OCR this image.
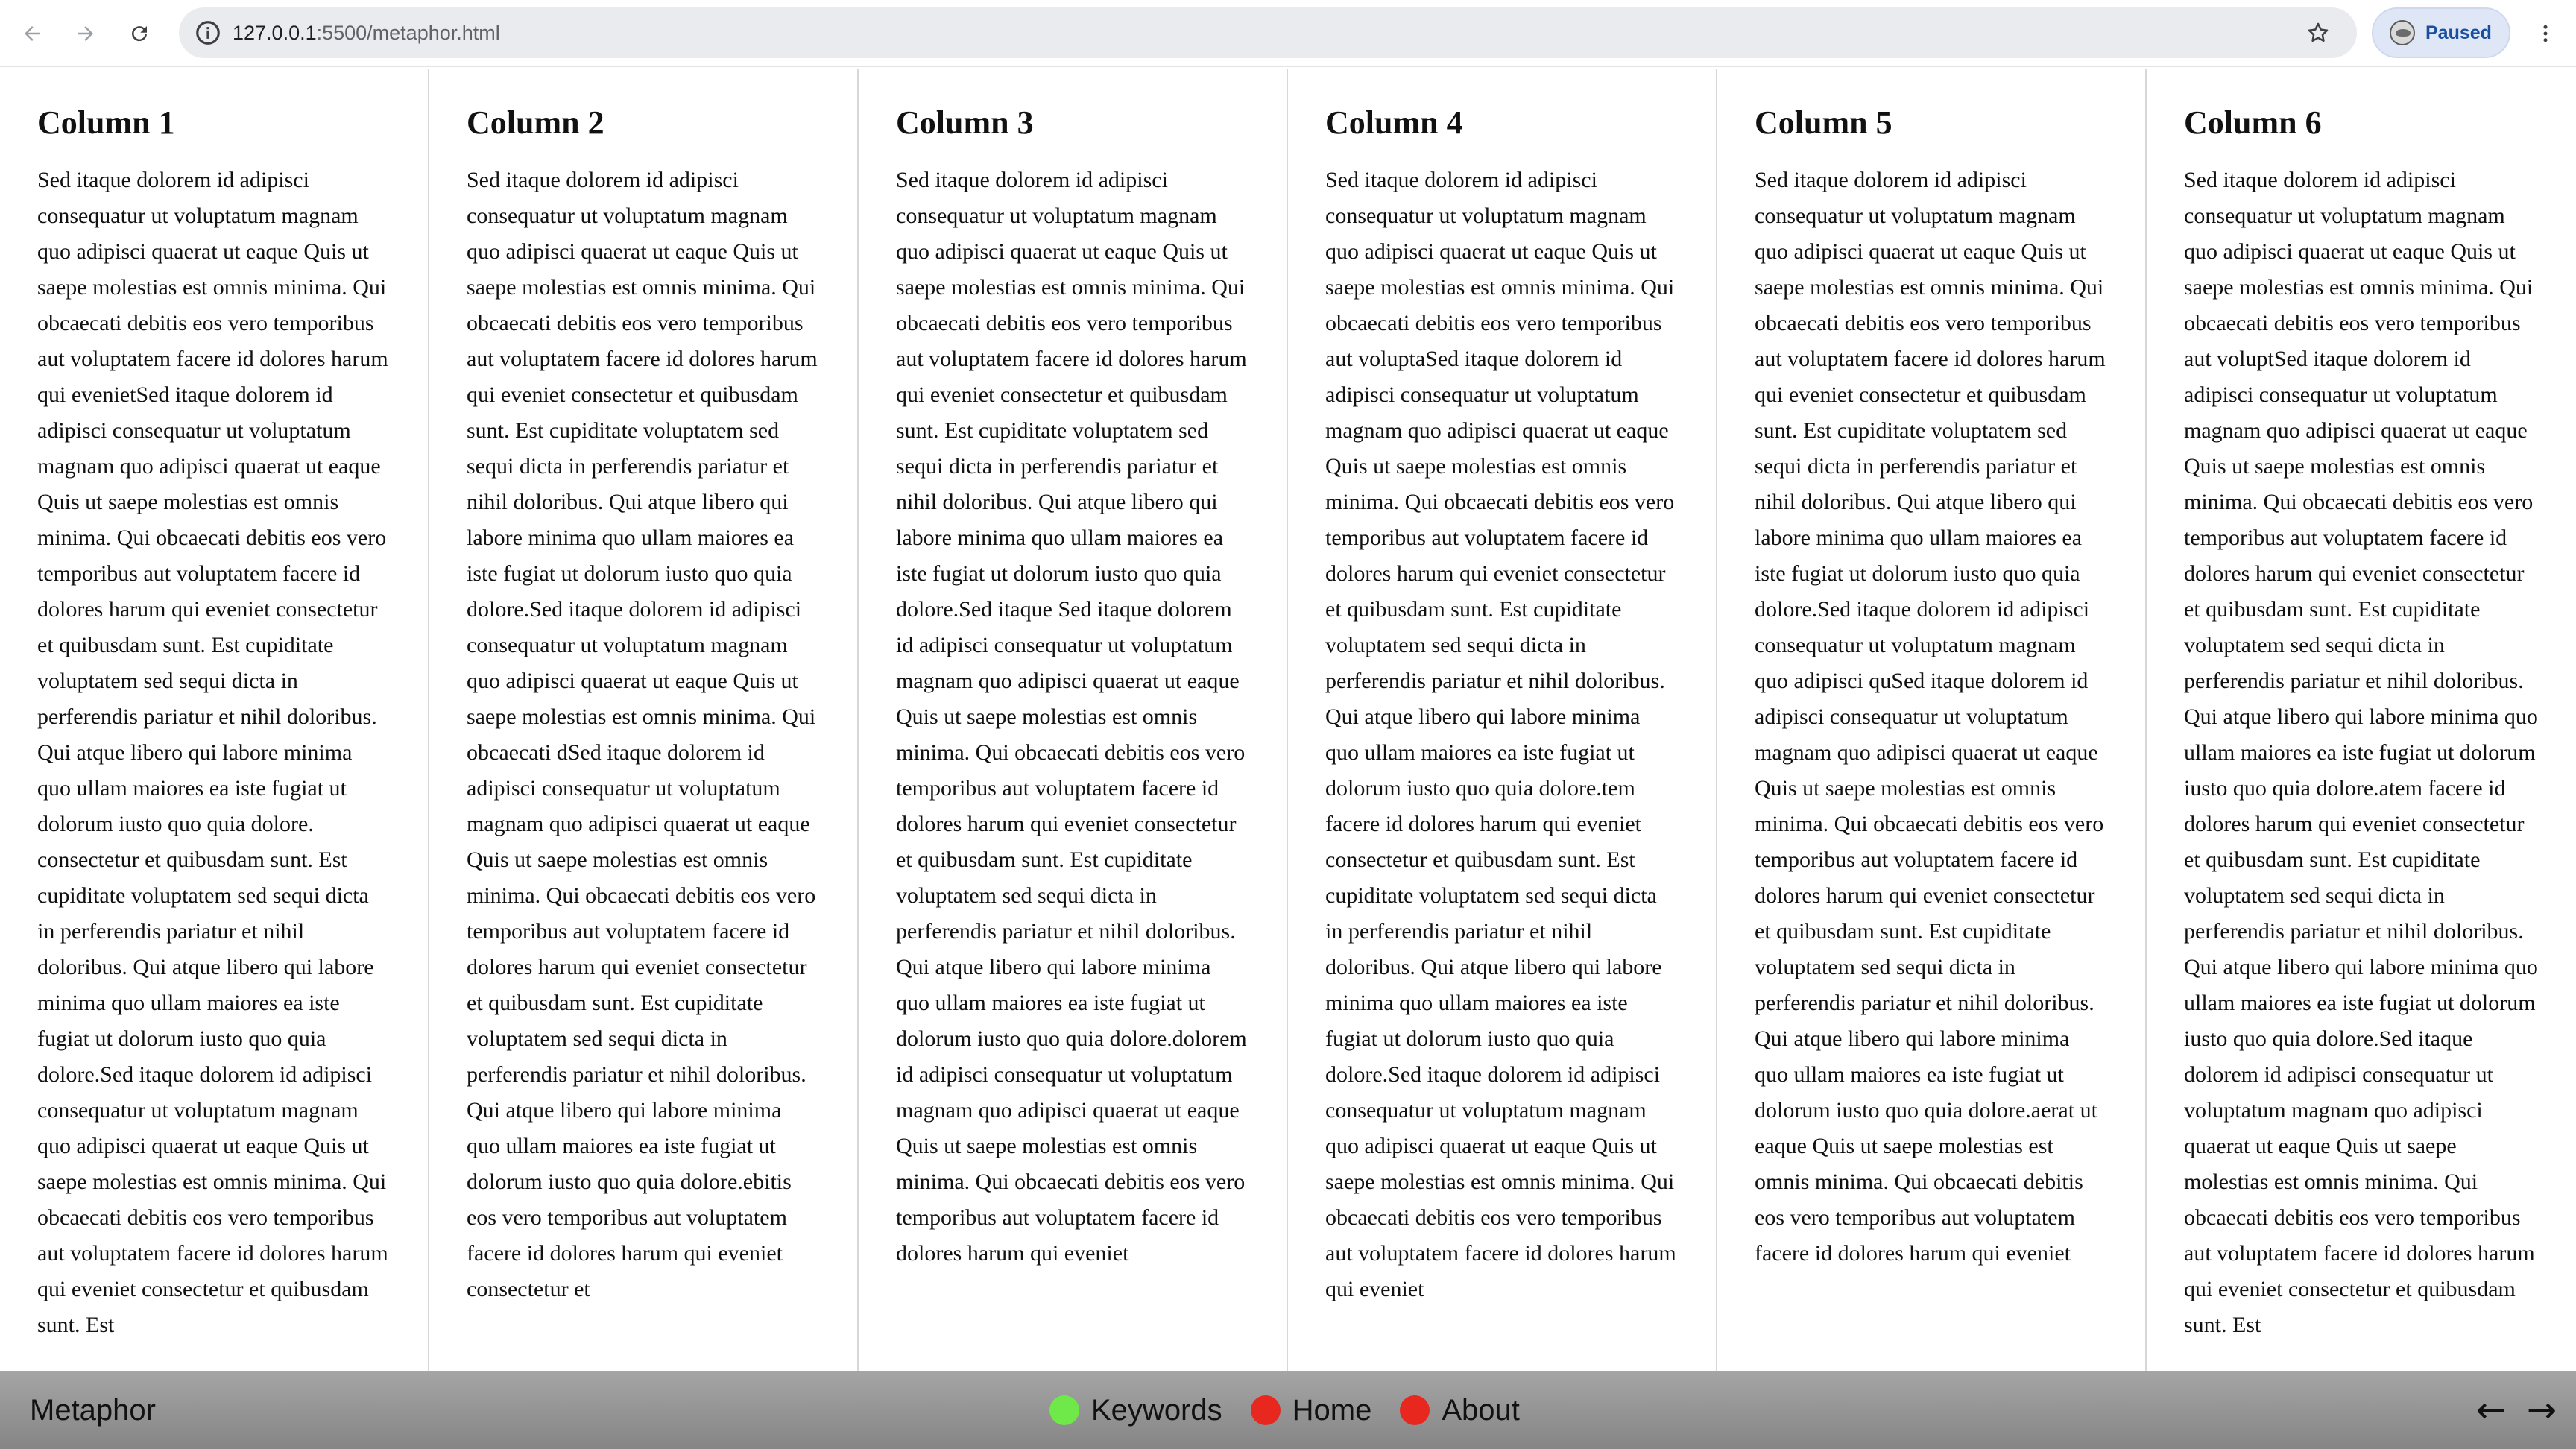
127.0.0.1:5500/metaphor.html	Paused
Column 1

Sed itaque dolorem id adipisci consequatur ut voluptatum magnam quo adipisci quaerat ut eaque Quis ut saepe molestias est omnis minima. Qui obcaecati debitis eos vero temporibus aut voluptatem facere id dolores harum qui evenietSed itaque dolorem id adipisci consequatur ut voluptatum magnam quo adipisci quaerat ut eaque Quis ut saepe molestias est omnis minima. Qui obcaecati debitis eos vero temporibus aut voluptatem facere id dolores harum qui eveniet consectetur et quibusdam sunt. Est cupiditate voluptatem sed sequi dicta in perferendis pariatur et nihil doloribus. Qui atque libero qui labore minima quo ullam maiores ea iste fugiat ut dolorum iusto quo quia dolore. consectetur et quibusdam sunt. Est cupiditate voluptatem sed sequi dicta in perferendis pariatur et nihil doloribus. Qui atque libero qui labore minima quo ullam maiores ea iste fugiat ut dolorum iusto quo quia dolore.Sed itaque dolorem id adipisci consequatur ut voluptatum magnam quo adipisci quaerat ut eaque Quis ut saepe molestias est omnis minima. Qui obcaecati debitis eos vero temporibus aut voluptatem facere id dolores harum qui eveniet consectetur et quibusdam sunt. Est

Column 2

Sed itaque dolorem id adipisci consequatur ut voluptatum magnam quo adipisci quaerat ut eaque Quis ut saepe molestias est omnis minima. Qui obcaecati debitis eos vero temporibus aut voluptatem facere id dolores harum qui eveniet consectetur et quibusdam sunt. Est cupiditate voluptatem sed sequi dicta in perferendis pariatur et nihil doloribus. Qui atque libero qui labore minima quo ullam maiores ea iste fugiat ut dolorum iusto quo quia dolore.Sed itaque dolorem id adipisci consequatur ut voluptatum magnam quo adipisci quaerat ut eaque Quis ut saepe molestias est omnis minima. Qui obcaecati dSed itaque dolorem id adipisci consequatur ut voluptatum magnam quo adipisci quaerat ut eaque Quis ut saepe molestias est omnis minima. Qui obcaecati debitis eos vero temporibus aut voluptatem facere id dolores harum qui eveniet consectetur et quibusdam sunt. Est cupiditate voluptatem sed sequi dicta in perferendis pariatur et nihil doloribus. Qui atque libero qui labore minima quo ullam maiores ea iste fugiat ut dolorum iusto quo quia dolore.ebitis eos vero temporibus aut voluptatem facere id dolores harum qui eveniet consectetur et

Column 3

Sed itaque dolorem id adipisci consequatur ut voluptatum magnam quo adipisci quaerat ut eaque Quis ut saepe molestias est omnis minima. Qui obcaecati debitis eos vero temporibus aut voluptatem facere id dolores harum qui eveniet consectetur et quibusdam sunt. Est cupiditate voluptatem sed sequi dicta in perferendis pariatur et nihil doloribus. Qui atque libero qui labore minima quo ullam maiores ea iste fugiat ut dolorum iusto quo quia dolore.Sed itaque Sed itaque dolorem id adipisci consequatur ut voluptatum magnam quo adipisci quaerat ut eaque Quis ut saepe molestias est omnis minima. Qui obcaecati debitis eos vero temporibus aut voluptatem facere id dolores harum qui eveniet consectetur et quibusdam sunt. Est cupiditate voluptatem sed sequi dicta in perferendis pariatur et nihil doloribus. Qui atque libero qui labore minima quo ullam maiores ea iste fugiat ut dolorum iusto quo quia dolore.dolorem id adipisci consequatur ut voluptatum magnam quo adipisci quaerat ut eaque Quis ut saepe molestias est omnis minima. Qui obcaecati debitis eos vero temporibus aut voluptatem facere id dolores harum qui eveniet

Column 4

Sed itaque dolorem id adipisci consequatur ut voluptatum magnam quo adipisci quaerat ut eaque Quis ut saepe molestias est omnis minima. Qui obcaecati debitis eos vero temporibus aut voluptaSed itaque dolorem id adipisci consequatur ut voluptatum magnam quo adipisci quaerat ut eaque Quis ut saepe molestias est omnis minima. Qui obcaecati debitis eos vero temporibus aut voluptatem facere id dolores harum qui eveniet consectetur et quibusdam sunt. Est cupiditate voluptatem sed sequi dicta in perferendis pariatur et nihil doloribus. Qui atque libero qui labore minima quo ullam maiores ea iste fugiat ut dolorum iusto quo quia dolore.tem facere id dolores harum qui eveniet consectetur et quibusdam sunt. Est cupiditate voluptatem sed sequi dicta in perferendis pariatur et nihil doloribus. Qui atque libero qui labore minima quo ullam maiores ea iste fugiat ut dolorum iusto quo quia dolore.Sed itaque dolorem id adipisci consequatur ut voluptatum magnam quo adipisci quaerat ut eaque Quis ut saepe molestias est omnis minima. Qui obcaecati debitis eos vero temporibus aut voluptatem facere id dolores harum qui eveniet

Column 5

Sed itaque dolorem id adipisci consequatur ut voluptatum magnam quo adipisci quaerat ut eaque Quis ut saepe molestias est omnis minima. Qui obcaecati debitis eos vero temporibus aut voluptatem facere id dolores harum qui eveniet consectetur et quibusdam sunt. Est cupiditate voluptatem sed sequi dicta in perferendis pariatur et nihil doloribus. Qui atque libero qui labore minima quo ullam maiores ea iste fugiat ut dolorum iusto quo quia dolore.Sed itaque dolorem id adipisci consequatur ut voluptatum magnam quo adipisci quSed itaque dolorem id adipisci consequatur ut voluptatum magnam quo adipisci quaerat ut eaque Quis ut saepe molestias est omnis minima. Qui obcaecati debitis eos vero temporibus aut voluptatem facere id dolores harum qui eveniet consectetur et quibusdam sunt. Est cupiditate voluptatem sed sequi dicta in perferendis pariatur et nihil doloribus. Qui atque libero qui labore minima quo ullam maiores ea iste fugiat ut dolorum iusto quo quia dolore.aerat ut eaque Quis ut saepe molestias est omnis minima. Qui obcaecati debitis eos vero temporibus aut voluptatem facere id dolores harum qui eveniet

Column 6

Sed itaque dolorem id adipisci consequatur ut voluptatum magnam quo adipisci quaerat ut eaque Quis ut saepe molestias est omnis minima. Qui obcaecati debitis eos vero temporibus aut voluptSed itaque dolorem id adipisci consequatur ut voluptatum magnam quo adipisci quaerat ut eaque Quis ut saepe molestias est omnis minima. Qui obcaecati debitis eos vero temporibus aut voluptatem facere id dolores harum qui eveniet consectetur et quibusdam sunt. Est cupiditate voluptatem sed sequi dicta in perferendis pariatur et nihil doloribus. Qui atque libero qui labore minima quo ullam maiores ea iste fugiat ut dolorum iusto quo quia dolore.atem facere id dolores harum qui eveniet consectetur et quibusdam sunt. Est cupiditate voluptatem sed sequi dicta in perferendis pariatur et nihil doloribus. Qui atque libero qui labore minima quo ullam maiores ea iste fugiat ut dolorum iusto quo quia dolore.Sed itaque dolorem id adipisci consequatur ut voluptatum magnam quo adipisci quaerat ut eaque Quis ut saepe molestias est omnis minima. Qui obcaecati debitis eos vero temporibus aut voluptatem facere id dolores harum qui eveniet consectetur et quibusdam sunt. Est

Metaphor	Keywords Home About	← →
